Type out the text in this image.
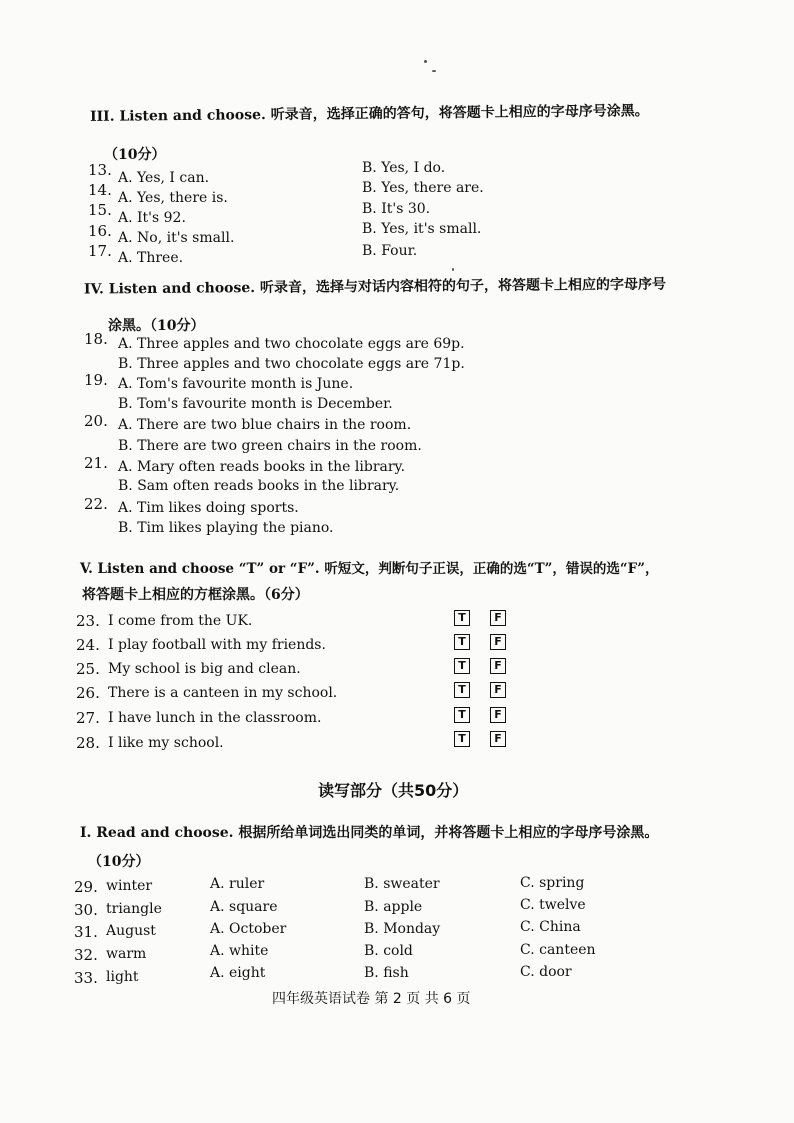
III. Listen and choose. 听录音，选择正确的答句，将答题卡上相应的字母序号涂黑。
（10分）
13. A. Yes, I can.
B. Yes, I do.
14. A. Yes, there is.
B. Yes, there are.
15. A. It's 92.
B. It's 30.
16. A. No, it's small.
B. Yes, it's small.
17. A. Three.	B. Four.
IV. Listen and choose. 听录音，选择与对话内容相符的句子，将答题卡上相应的字母序号
涂黑。（10分）
18. A. Three apples and two chocolate eggs are 69p.
B. Three apples and two chocolate eggs are 71p.
19. A. Tom's favourite month is June.
B. Tom's favourite month is December.
20. A. There are two blue chairs in the room.
B. There are two green chairs in the room.
21. A. Mary often reads books in the library.
B. Sam often reads books in the library.
22. A. Tim likes doing sports.
B. Tim likes playing the piano.
V. Listen and choose “T” or “F”. 听短文，判断句子正误，正确的选“T”，错误的选“F”，
将答题卡上相应的方框涂黑。（6分）
23. I come from the UK.	T	F
24. I play football with my friends.	T	F
25. My school is big and clean.	T	F
26. There is a canteen in my school.	T	F
27. I have lunch in the classroom.	T	F
28. I like my school.	T	F
读写部分（共50分）
I. Read and choose. 根据所给单词选出同类的单词，并将答题卡上相应的字母序号涂黑。
（10分）
29. winter	A. ruler	B. sweater	C. spring
30. triangle	A. square	B. apple	C. twelve
31. August	A. October	B. Monday	C. China
32. warm	A. white	B. cold	C. canteen
33. light	A. eight	B. fish	C. door
四年级英语试卷 第 2 页 共 6 页
